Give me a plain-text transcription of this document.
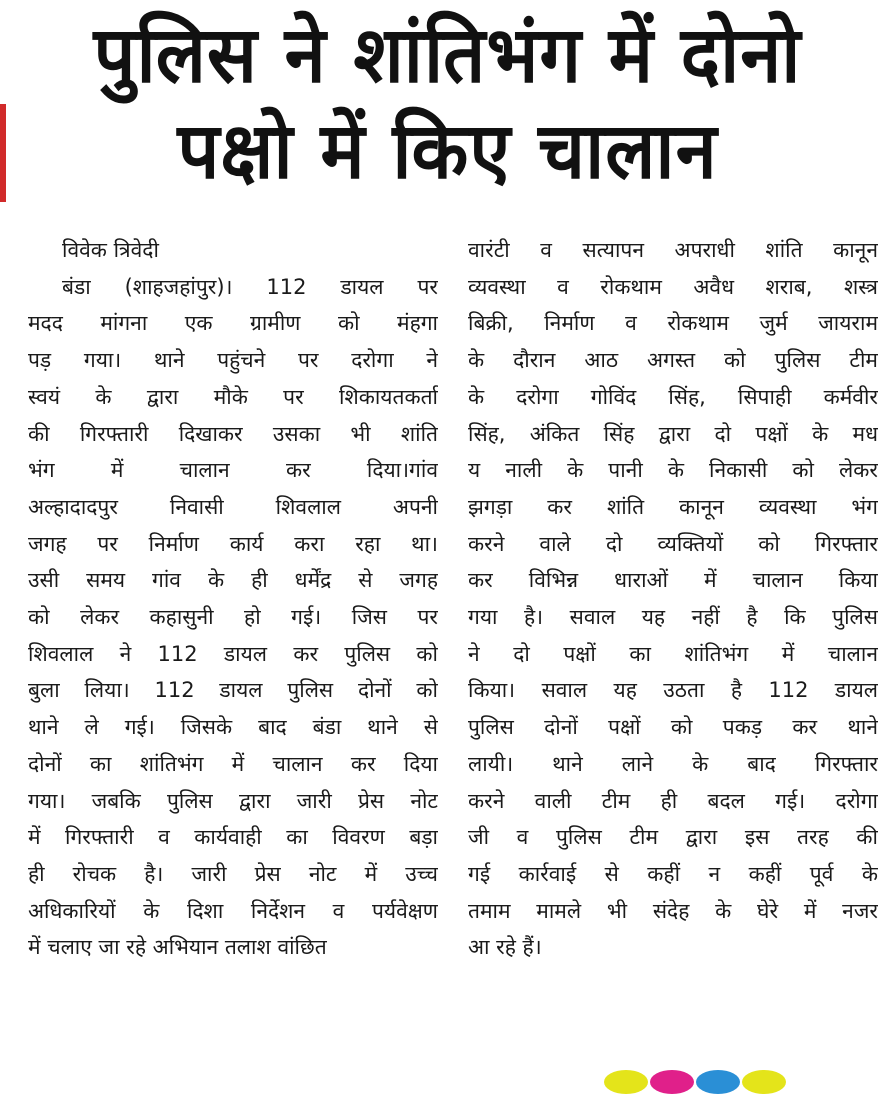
पुलिस ने शांतिभंग में दोनो
पक्षो में किए चालान
विवेक त्रिवेदी
बंडा (शाहजहांपुर)। 112 डायल पर
मदद मांगना एक ग्रामीण को मंहगा
पड़ गया। थाने पहुंचने पर दरोगा ने
स्वयं के द्वारा मौके पर शिकायतकर्ता
की गिरफ्तारी दिखाकर उसका भी शांति
भंग में चालान कर दिया।गांव
अल्हादादपुर निवासी शिवलाल अपनी
जगह पर निर्माण कार्य करा रहा था।
उसी समय गांव के ही धर्मेंद्र से जगह
को लेकर कहासुनी हो गई। जिस पर
शिवलाल ने 112 डायल कर पुलिस को
बुला लिया। 112 डायल पुलिस दोनों को
थाने ले गई। जिसके बाद बंडा थाने से
दोनों का शांतिभंग में चालान कर दिया
गया। जबकि पुलिस द्वारा जारी प्रेस नोट
में गिरफ्तारी व कार्यवाही का विवरण बड़ा
ही रोचक है। जारी प्रेस नोट में उच्च
अधिकारियों के दिशा निर्देशन व पर्यवेक्षण
में चलाए जा रहे अभियान तलाश वांछित
वारंटी व सत्यापन अपराधी शांति कानून
व्यवस्था व रोकथाम अवैध शराब, शस्त्र
बिक्री, निर्माण व रोकथाम जुर्म जायराम
के दौरान आठ अगस्त को पुलिस टीम
के दरोगा गोविंद सिंह, सिपाही कर्मवीर
सिंह, अंकित सिंह द्वारा दो पक्षों के मध
य नाली के पानी के निकासी को लेकर
झगड़ा कर शांति कानून व्यवस्था भंग
करने वाले दो व्यक्तियों को गिरफ्तार
कर विभिन्न धाराओं में चालान किया
गया है। सवाल यह नहीं है कि पुलिस
ने दो पक्षों का शांतिभंग में चालान
किया। सवाल यह उठता है 112 डायल
पुलिस दोनों पक्षों को पकड़ कर थाने
लायी। थाने लाने के बाद गिरफ्तार
करने वाली टीम ही बदल गई। दरोगा
जी व पुलिस टीम द्वारा इस तरह की
गई कार्रवाई से कहीं न कहीं पूर्व के
तमाम मामले भी संदेह के घेरे में नजर
आ रहे हैं।
